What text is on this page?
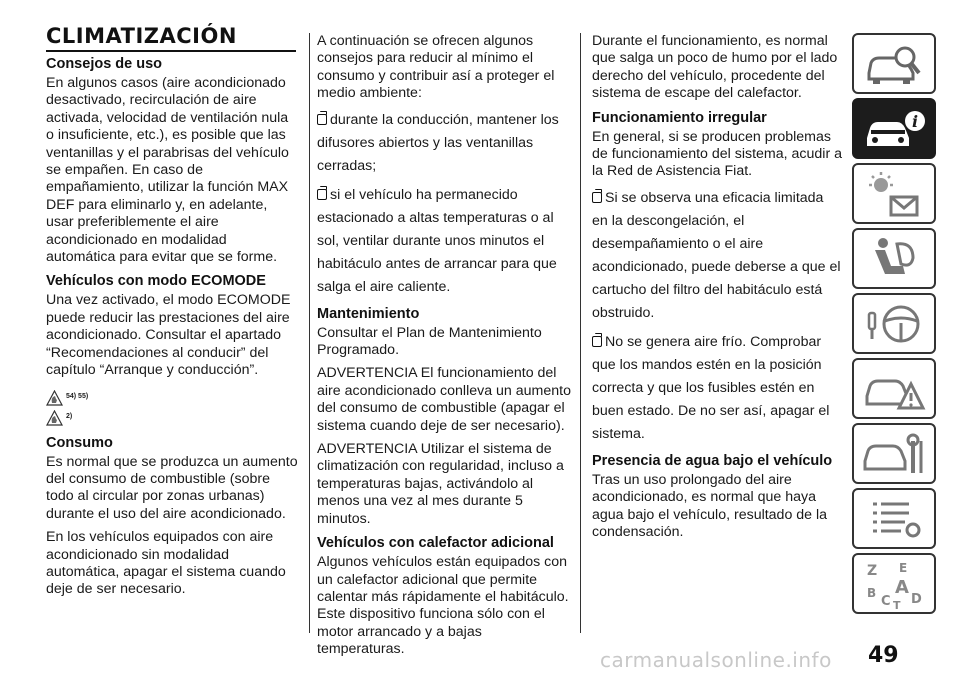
CLIMATIZACIÓN
Consejos de uso

En algunos casos (aire acondicionado desactivado, recirculación de aire activada, velocidad de ventilación nula o insuficiente, etc.), es posible que las ventanillas y el parabrisas del vehículo se empañen. En caso de empañamiento, utilizar la función MAX DEF para eliminarlo y, en adelante, usar preferiblemente el aire acondicionado en modalidad automática para evitar que se forme.

Vehículos con modo ECOMODE

Una vez activado, el modo ECOMODE puede reducir las prestaciones del aire acondicionado. Consultar el apartado “Recomendaciones al conducir” del capítulo “Arranque y conducción”.

54) 55)
2)
Consumo

Es normal que se produzca un aumento del consumo de combustible (sobre todo al circular por zonas urbanas) durante el uso del aire acondicionado.

En los vehículos equipados con aire acondicionado sin modalidad automática, apagar el sistema cuando deje de ser necesario.

A continuación se ofrecen algunos consejos para reducir al mínimo el consumo y contribuir así a proteger el medio ambiente:

durante la conducción, mantener los difusores abiertos y las ventanillas cerradas;
si el vehículo ha permanecido estacionado a altas temperaturas o al sol, ventilar durante unos minutos el habitáculo antes de arrancar para que salga el aire caliente.
Mantenimiento

Consultar el Plan de Mantenimiento Programado.

ADVERTENCIA El funcionamiento del aire acondicionado conlleva un aumento del consumo de combustible (apagar el sistema cuando deje de ser necesario).

ADVERTENCIA Utilizar el sistema de climatización con regularidad, incluso a temperaturas bajas, activándolo al menos una vez al mes durante 5 minutos.

Vehículos con calefactor adicional

Algunos vehículos están equipados con un calefactor adicional que permite calentar más rápidamente el habitáculo. Este dispositivo funciona sólo con el motor arrancado y a bajas temperaturas.

Durante el funcionamiento, es normal que salga un poco de humo por el lado derecho del vehículo, procedente del sistema de escape del calefactor.

Funcionamiento irregular

En general, si se producen problemas de funcionamiento del sistema, acudir a la Red de Asistencia Fiat.

Si se observa una eficacia limitada en la descongelación, el desempañamiento o el aire acondicionado, puede deberse a que el cartucho del filtro del habitáculo está obstruido.
No se genera aire frío. Comprobar que los mandos estén en la posición correcta y que los fusibles estén en buen estado. De no ser así, apagar el sistema.
Presencia de agua bajo el vehículo

Tras un uso prolongado del aire acondicionado, es normal que haya agua bajo el vehículo, resultado de la condensación.

i
Z E
B A
C D
T
carmanualsonline.info 49
